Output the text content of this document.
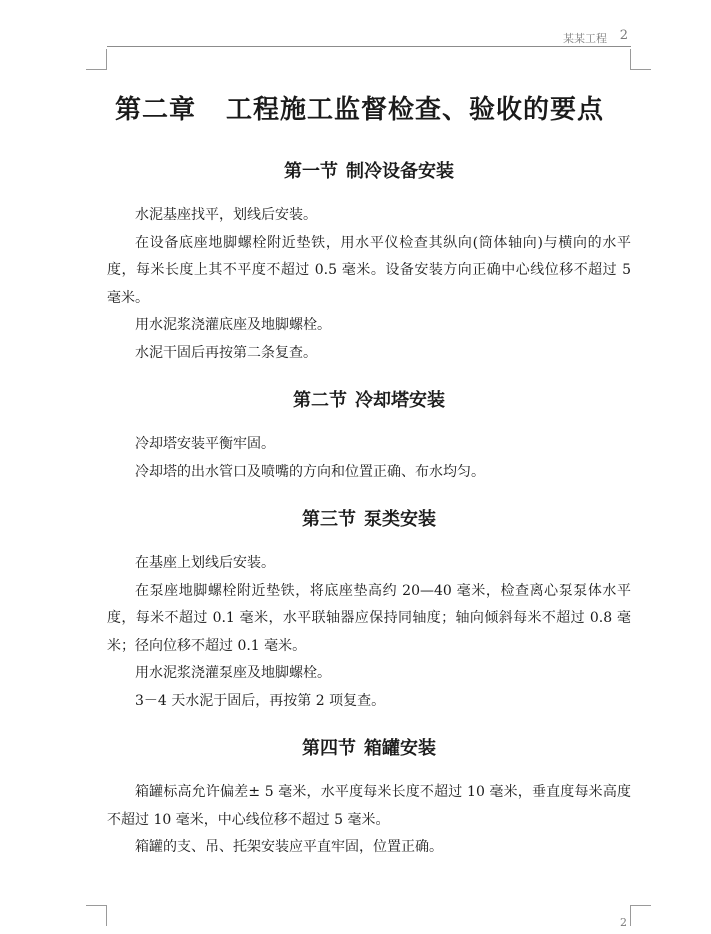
某某工程 2
第二章 工程施工监督检查、验收的要点
第一节 制冷设备安装

水泥基座找平，划线后安装。

在设备底座地脚螺栓附近垫铁，用水平仪检查其纵向(筒体轴向)与横向的水平度，每米长度上其不平度不超过 0.5 毫米。设备安装方向正确中心线位移不超过 5 毫米。

用水泥浆浇灌底座及地脚螺栓。

水泥干固后再按第二条复查。

第二节 冷却塔安装

冷却塔安装平衡牢固。

冷却塔的出水管口及喷嘴的方向和位置正确、布水均匀。

第三节 泵类安装

在基座上划线后安装。

在泵座地脚螺栓附近垫铁，将底座垫高约 20—40 毫米，检查离心泵泵体水平度，每米不超过 0.1 毫米，水平联轴器应保持同轴度；轴向倾斜每米不超过 0.8 毫米；径向位移不超过 0.1 毫米。

用水泥浆浇灌泵座及地脚螺栓。

3－4 天水泥于固后，再按第 2 项复查。

第四节 箱罐安装

箱罐标高允许偏差± 5 毫米，水平度每米长度不超过 10 毫米，垂直度每米高度不超过 10 毫米，中心线位移不超过 5 毫米。

箱罐的支、吊、托架安装应平直牢固，位置正确。

2
